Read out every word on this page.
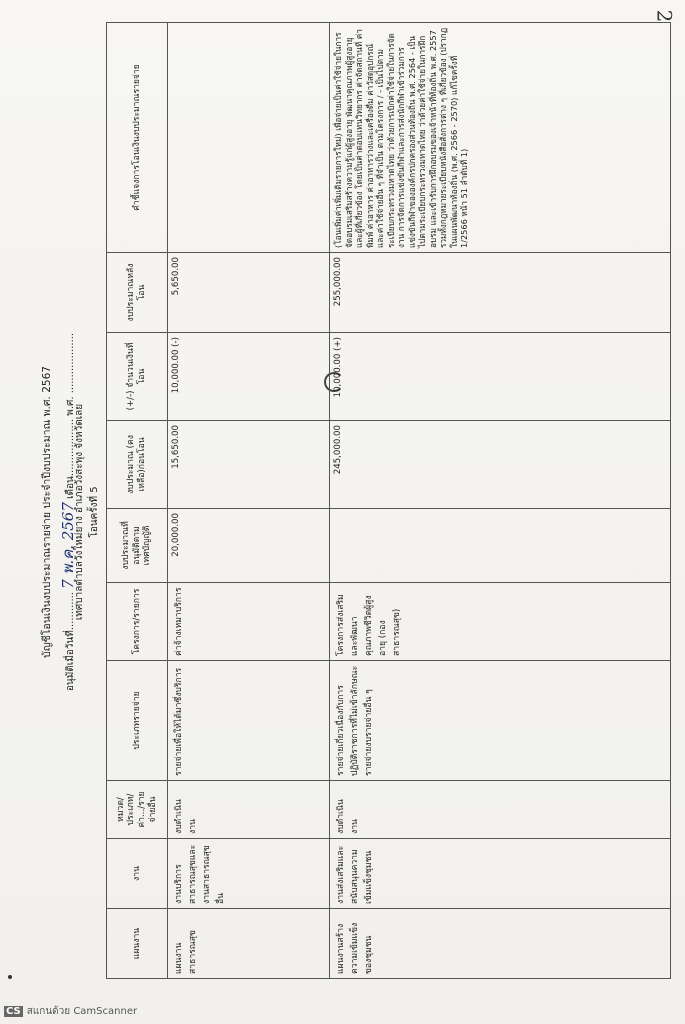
2
บัญชีโอนเงินงบประมาณรายจ่าย ประจำปีงบประมาณ พ.ศ. 2567	อนุมัติเมื่อวันที่............ 7 พ.ค. 2567 เดือน.................. พ.ศ. ...................
เทศบาลตำบลวังใหม่ยาง อำเภอวังสะพุง จังหวัดเลย โอนครั้งที่ 5
แผนงาน	งาน	หมวด/ประเภท/ค่า.../รายจ่ายอื่น	ประเภทรายจ่าย	โครงการ/รายการ	งบประมาณที่อนุมัติตามเทศบัญญัติ	งบประมาณ (คงเหลือ)ก่อนโอน	(+/-) จำนวนเงินที่โอน	งบประมาณหลังโอน	คำชี้แจงการโอนเงินงบประมาณรายจ่าย
แผนงานสาธารณสุข	งานบริการสาธารณสุขและงานสาธารณสุขอื่น	งบดำเนินงาน	รายจ่ายเพื่อให้ได้มาซึ่งบริการ	ค่าจ้างเหมาบริการ	20,000.00	15,650.00	10,000.00 (-)	5,650.00	
แผนงานสร้างความเข้มแข็งของชุมชน	งานส่งเสริมและสนับสนุนความเข้มแข็งชุมชน	งบดำเนินงาน	รายจ่ายเกี่ยวเนื่องกับการปฏิบัติราชการที่ไม่เข้าลักษณะรายจ่ายงบรายจ่ายอื่น ๆ	โครงการส่งเสริมและพัฒนาคุณภาพชีวิตผู้สูงอายุ (กองสาธารณสุข)		245,000.00	10,000.00 (+)	255,000.00	(โอนเพิ่มค่าเพิ่มเติมรายการใหม่) เพื่อจ่ายเป็นค่าใช้จ่ายในการจัดอบรมเสริมสร้างความรู้แก่ผู้สูงอายุ พัฒนาคุณภาพผู้สูงอายุ และผู้ที่เกี่ยวข้อง โดยเป็นค่าตอบแทนวิทยากร ค่าจัดสถานที่ ค่าพิมพ์ ค่าอาหาร ค่าอาหารว่างและเครื่องดื่ม ค่าวัสดุอุปกรณ์ และค่าใช้จ่ายอื่น ๆ ที่จำเป็น ตามโครงการ / - เป็นไปตามระเบียบกระทรวงมหาดไทย ว่าด้วยการเบิกค่าใช้จ่ายในการจัดงาน การจัดการแข่งขันกีฬาและการส่งนักกีฬาเข้าร่วมการแข่งขันกีฬาขององค์กรปกครองส่วนท้องถิ่น พ.ศ. 2564 - เป็นไปตามระเบียบกระทรวงมหาดไทย ว่าด้วยค่าใช้จ่ายในการฝึกอบรม และเข้ารับการฝึกอบรมของเจ้าหน้าที่ท้องถิ่น พ.ศ. 2557 รวมทั้งกฎหมายระเบียบหนังสือสั่งการต่าง ๆ ที่เกี่ยวข้อง (ปรากฏในแผนพัฒนาท้องถิ่น (พ.ศ. 2566 - 2570) แก้ไขครั้งที่ 1/2566 หน้า 51 ลำดับที่ 1)
CS สแกนด้วย CamScanner
